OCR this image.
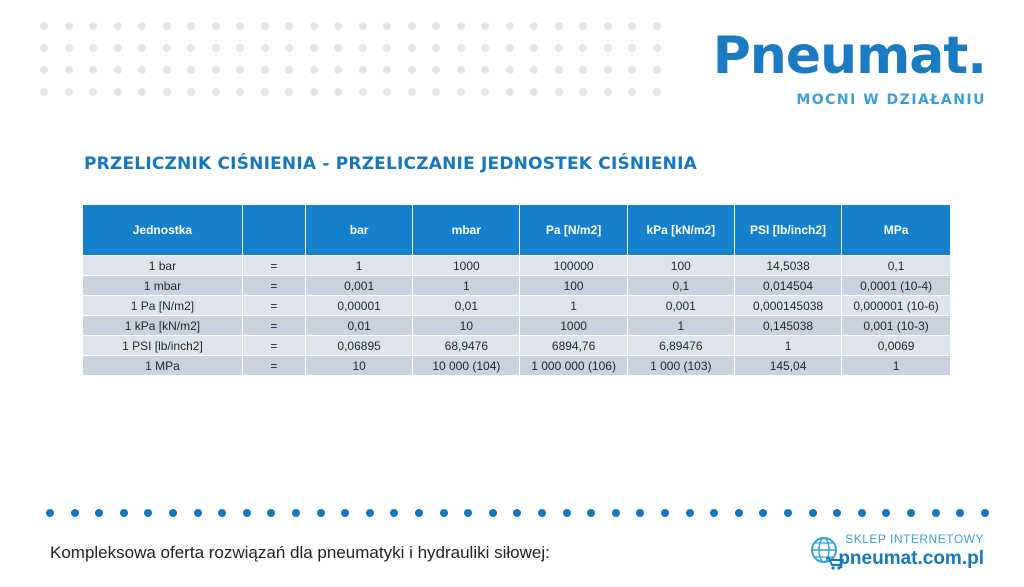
Pneumat.
MOCNI W DZIAŁANIU
PRZELICZNIK CIŚNIENIA - PRZELICZANIE JEDNOSTEK CIŚNIENIA
Jednostka		bar	mbar	Pa [N/m2]	kPa [kN/m2]	PSI [lb/inch2]	MPa
1 bar	=	1	1000	100000	100	14,5038	0,1
1 mbar	=	0,001	1	100	0,1	0,014504	0,0001 (10-4)
1 Pa [N/m2]	=	0,00001	0,01	1	0,001	0,000145038	0,000001 (10-6)
1 kPa [kN/m2]	=	0,01	10	1000	1	0,145038	0,001 (10-3)
1 PSI [lb/inch2]	=	0,06895	68,9476	6894,76	6,89476	1	0,0069
1 MPa	=	10	10 000 (104)	1 000 000 (106)	1 000 (103)	145,04	1
Kompleksowa oferta rozwiązań dla pneumatyki i hydrauliki siłowej:
SKLEP INTERNETOWY
pneumat.com.pl
